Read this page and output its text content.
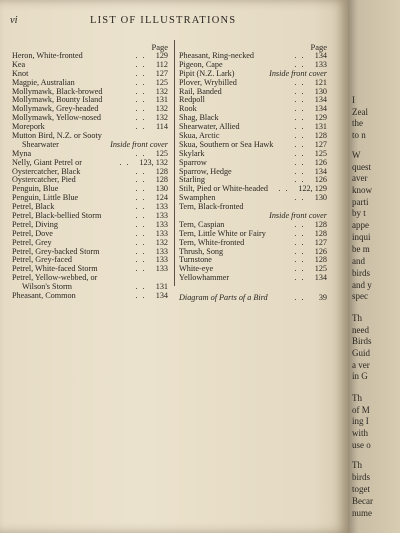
vi	LIST OF ILLUSTRATIONS
Page
Heron, White-fronted	. . 129
Kea	. . 112
Knot	. . 127
Magpie, Australian	. . 125
Mollymawk, Black-browed	. . 132
Mollymawk, Bounty Island	. . 131
Mollymawk, Grey-headed	. . 132
Mollymawk, Yellow-nosed	. . 132
Morepork	. . 114
Mutton Bird, N.Z. or Sooty
Shearwater	Inside front cover
Myna	. . 125
Nelly, Giant Petrel or	. . 123, 132
Oystercatcher, Black	. . 128
Oystercatcher, Pied	. . 128
Penguin, Blue	. . 130
Penguin, Little Blue	. . 124
Petrel, Black	. . 133
Petrel, Black-bellied Storm	. . 133
Petrel, Diving	. . 133
Petrel, Dove	. . 133
Petrel, Grey	. . 132
Petrel, Grey-backed Storm	. . 133
Petrel, Grey-faced	. . 133
Petrel, White-faced Storm	. . 133
Petrel, Yellow-webbed, or
Wilson's Storm	. . 131
Pheasant, Common	. . 134
Page
Pheasant, Ring-necked	. . 134
Pigeon, Cape	. . 133
Pipit (N.Z. Lark)	Inside front cover
Plover, Wrybilled	. . 121
Rail, Banded	. . 130
Redpoll	. . 134
Rook	. . 134
Shag, Black	. . 129
Shearwater, Allied	. . 131
Skua, Arctic	. . 128
Skua, Southern or Sea Hawk	. . 127
Skylark	. . 125
Sparrow	. . 126
Sparrow, Hedge	. . 134
Starling	. . 126
Stilt, Pied or White-headed . . 122, 129
Swamphen	. . 130
Tern, Black-fronted
Inside front cover
Tern, Caspian	. . 128
Tern, Little White or Fairy	. . 128
Tern, White-fronted	. . 127
Thrush, Song	. . 126
Turnstone	. . 128
White-eye	. . 125
Yellowhammer	. . 134
Diagram of Parts of a Bird	. . 39
I
Zeal
the
to n
W
quest
aver
know
parti
by t
appe
inqui
be m
and
birds
and y
spec
Th
need
Birds
Guid
a ver
in G
Th
of M
ing I
with
use o
Th
birds
toget
Becar
nume
